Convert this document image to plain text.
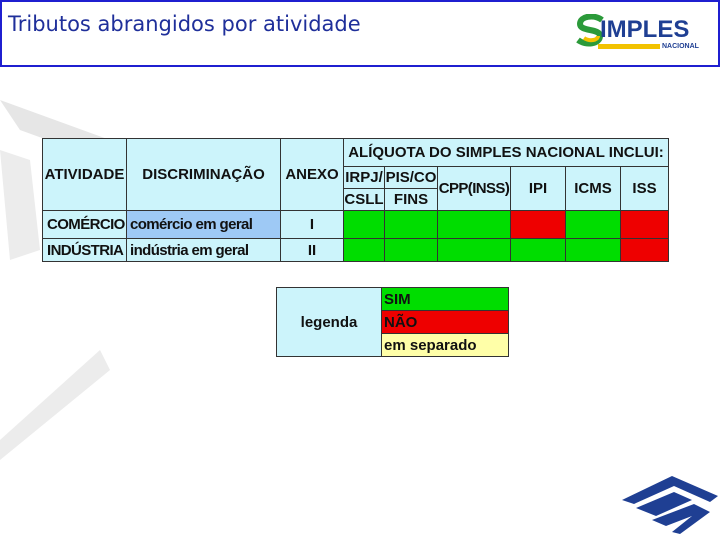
Tributos abrangidos por atividade	IMPLES
NACIONAL
ATIVIDADE	DISCRIMINAÇÃO	ANEXO	ALÍQUOTA DO SIMPLES NACIONAL INCLUI:					
			IRPJ/	PIS/CO	CPP(INSS)	IPI	ICMS	ISS
			CSLL	FINS				
COMÉRCIO	comércio em geral	I						
INDÚSTRIA	indústria em geral	II						
legenda	SIM
NÃO
em separado
